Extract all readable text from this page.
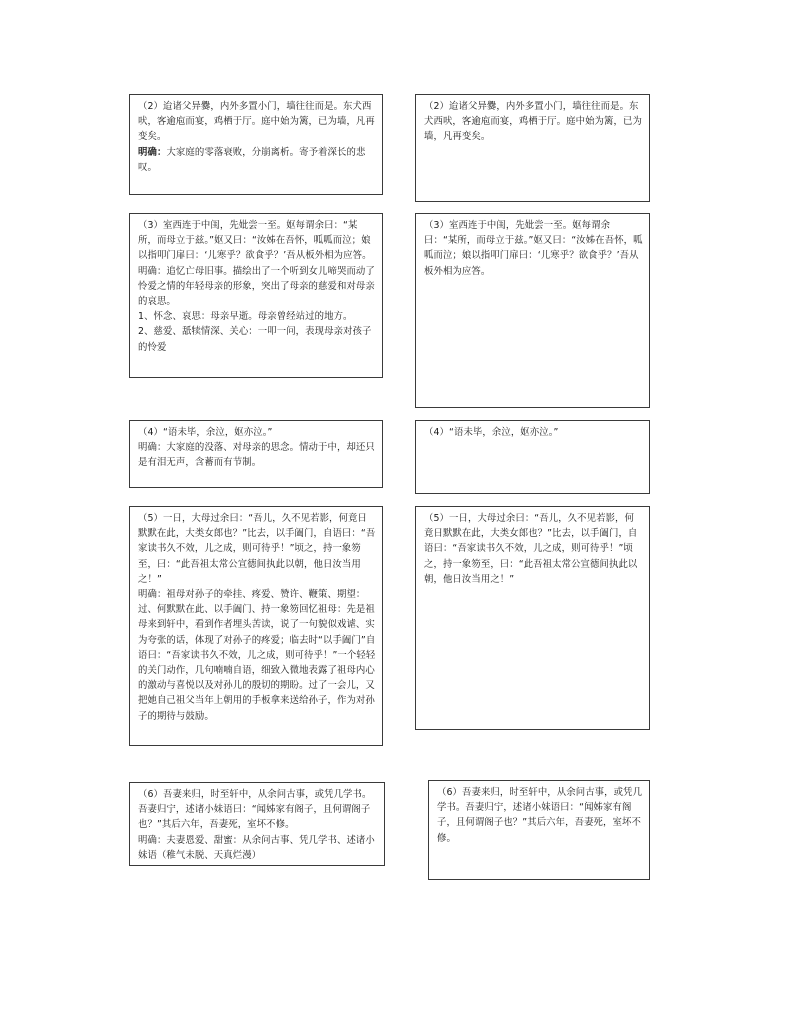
（2）迨诸父异爨，内外多置小门，墙往往而是。东犬西吠，客逾庖而宴，鸡栖于厅。庭中始为篱，已为墙，凡再变矣。

明确：大家庭的零落衰败，分崩离析。寄予着深长的悲叹。

（3）室西连于中闺，先妣尝一至。妪每谓余曰：“某所，而母立于兹。”妪又曰：“汝姊在吾怀，呱呱而泣；娘以指叩门扉曰：‘儿寒乎？欲食乎？’吾从板外相为应答。

明确：追忆亡母旧事。描绘出了一个听到女儿啼哭而动了怜爱之情的年轻母亲的形象，突出了母亲的慈爱和对母亲的哀思。

1、怀念、哀思：母亲早逝。母亲曾经站过的地方。

2、慈爱、舐犊情深、关心：一叩一问，表现母亲对孩子的怜爱

（4）“语未毕，余泣，妪亦泣。”

明确：大家庭的没落、对母亲的思念。情动于中，却还只是有泪无声，含蓄而有节制。

（5）一日，大母过余曰：“吾儿，久不见若影，何竟日默默在此，大类女郎也？”比去，以手阖门，自语曰：“吾家读书久不效，儿之成，则可待乎！”顷之，持一象笏至，曰：“此吾祖太常公宣德间执此以朝，他日汝当用之！”

明确：祖母对孙子的牵挂、疼爱、赞许、鞭策、期望：过、何默默在此、以手阖门、持一象笏回忆祖母：先是祖母来到轩中，看到作者埋头苦读，说了一句貌似戏谑、实为夸张的话，体现了对孙子的疼爱；临去时“以手阖门”自语曰：“吾家读书久不效，儿之成，则可待乎！”一个轻轻的关门动作，几句喃喃自语，细致入微地表露了祖母内心的激动与喜悦以及对孙儿的殷切的期盼。过了一会儿，又把她自己祖父当年上朝用的手板拿来送给孙子，作为对孙子的期待与鼓励。

（6）吾妻来归，时至轩中，从余问古事，或凭几学书。吾妻归宁，述诸小妹语曰：“闻姊家有阁子，且何谓阁子也？”其后六年，吾妻死，室坏不修。

明确：夫妻恩爱、甜蜜：从余问古事、凭几学书、述诸小妹语（稚气未脱、天真烂漫）

（2）迨诸父异爨，内外多置小门，墙往往而是。东犬西吠，客逾庖而宴，鸡栖于厅。庭中始为篱，已为墙，凡再变矣。

（3）室西连于中闺，先妣尝一至。妪每谓余曰：“某所，而母立于兹。”妪又曰：“汝姊在吾怀，呱呱而泣；娘以指叩门扉曰：‘儿寒乎？欲食乎？’吾从板外相为应答。

（4）“语未毕，余泣，妪亦泣。”

（5）一日，大母过余曰：“吾儿，久不见若影，何竟日默默在此，大类女郎也？”比去，以手阖门，自语曰：“吾家读书久不效，儿之成，则可待乎！”顷之，持一象笏至，曰：“此吾祖太常公宣德间执此以朝，他日汝当用之！”

（6）吾妻来归，时至轩中，从余问古事，或凭几学书。吾妻归宁，述诸小妹语曰：“闻姊家有阁子，且何谓阁子也？”其后六年，吾妻死，室坏不修。
